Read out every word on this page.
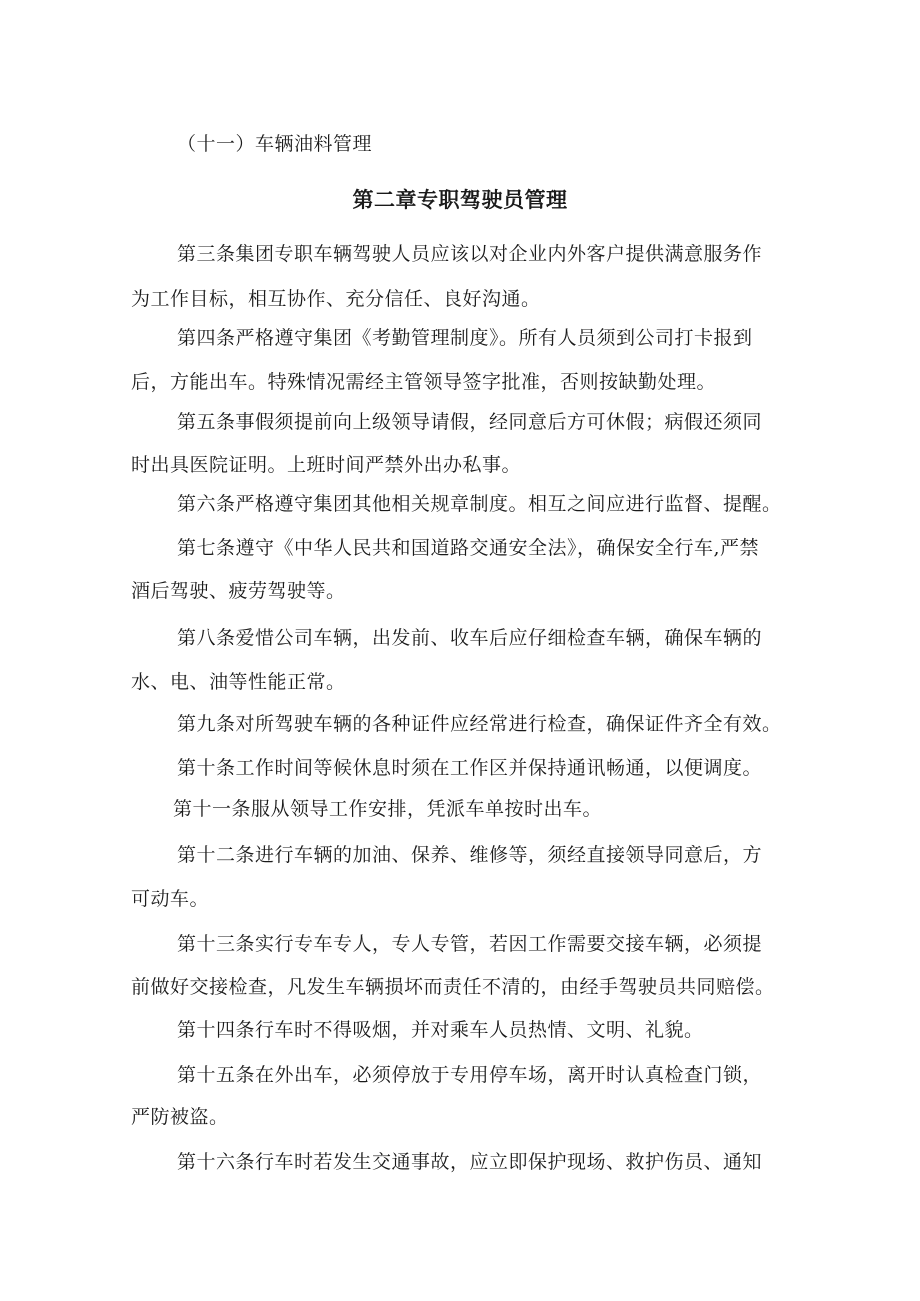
（十一）车辆油料管理
第二章专职驾驶员管理
第三条集团专职车辆驾驶人员应该以对企业内外客户提供满意服务作
为工作目标，相互协作、充分信任、良好沟通。
第四条严格遵守集团《考勤管理制度》。所有人员须到公司打卡报到
后，方能出车。特殊情况需经主管领导签字批准，否则按缺勤处理。
第五条事假须提前向上级领导请假，经同意后方可休假；病假还须同
时出具医院证明。上班时间严禁外出办私事。
第六条严格遵守集团其他相关规章制度。相互之间应进行监督、提醒。
第七条遵守《中华人民共和国道路交通安全法》，确保安全行车,严禁
酒后驾驶、疲劳驾驶等。
第八条爱惜公司车辆，出发前、收车后应仔细检查车辆，确保车辆的
水、电、油等性能正常。
第九条对所驾驶车辆的各种证件应经常进行检查，确保证件齐全有效。
第十条工作时间等候休息时须在工作区并保持通讯畅通，以便调度。
第十一条服从领导工作安排，凭派车单按时出车。
第十二条进行车辆的加油、保养、维修等，须经直接领导同意后，方
可动车。
第十三条实行专车专人，专人专管，若因工作需要交接车辆，必须提
前做好交接检查，凡发生车辆损坏而责任不清的，由经手驾驶员共同赔偿。
第十四条行车时不得吸烟，并对乘车人员热情、文明、礼貌。
第十五条在外出车，必须停放于专用停车场，离开时认真检查门锁，
严防被盗。
第十六条行车时若发生交通事故，应立即保护现场、救护伤员、通知
